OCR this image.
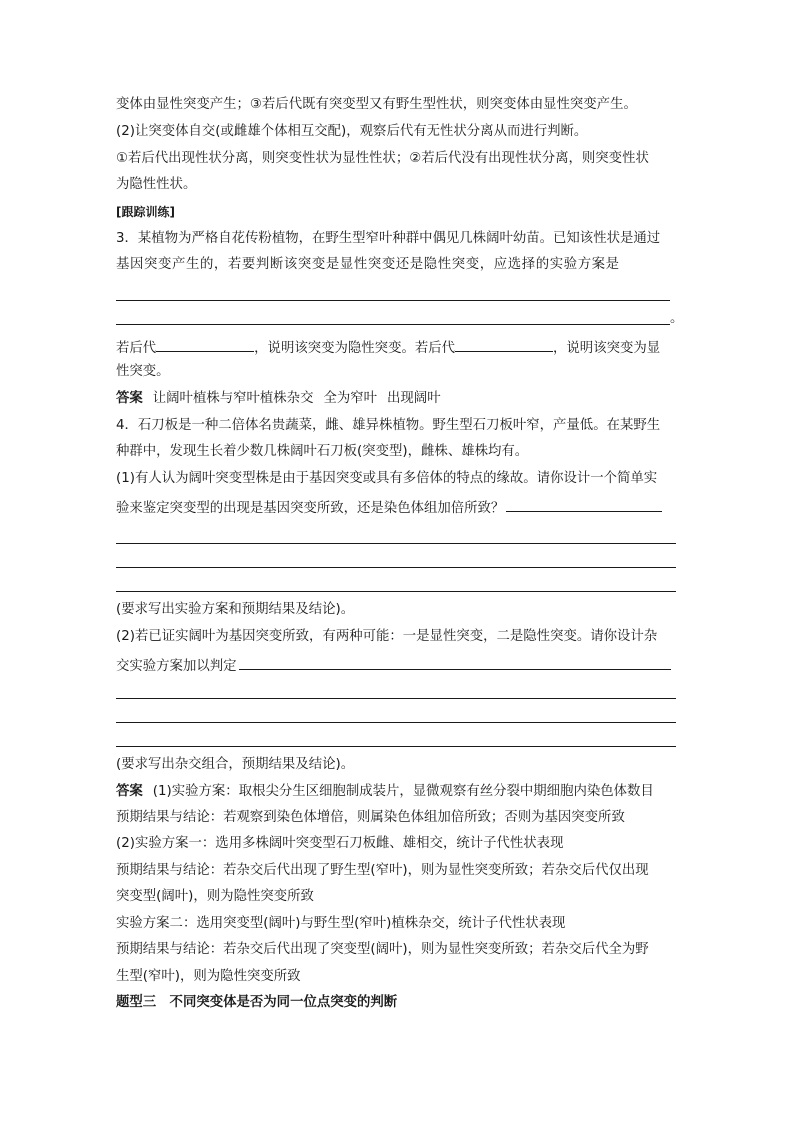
变体由显性突变产生；③若后代既有突变型又有野生型性状，则突变体由显性突变产生。
(2)让突变体自交(或雌雄个体相互交配)，观察后代有无性状分离从而进行判断。
①若后代出现性状分离，则突变性状为显性性状；②若后代没有出现性状分离，则突变性状
为隐性性状。
[跟踪训练]
3．某植物为严格自花传粉植物，在野生型窄叶种群中偶见几株阔叶幼苗。已知该性状是通过
基因突变产生的，若要判断该突变是显性突变还是隐性突变，应选择的实验方案是
。
若后代	，说明该突变为隐性突变。若后代	，说明该突变为显
性突变。
答案 让阔叶植株与窄叶植株杂交 全为窄叶 出现阔叶
4．石刀板是一种二倍体名贵蔬菜，雌、雄异株植物。野生型石刀板叶窄，产量低。在某野生
种群中，发现生长着少数几株阔叶石刀板(突变型)，雌株、雄株均有。
(1)有人认为阔叶突变型株是由于基因突变或具有多倍体的特点的缘故。请你设计一个简单实
验来鉴定突变型的出现是基因突变所致，还是染色体组加倍所致？
(要求写出实验方案和预期结果及结论)。
(2)若已证实阔叶为基因突变所致，有两种可能：一是显性突变，二是隐性突变。请你设计杂
交实验方案加以判定
(要求写出杂交组合，预期结果及结论)。
答案 (1)实验方案：取根尖分生区细胞制成装片，显微观察有丝分裂中期细胞内染色体数目
预期结果与结论：若观察到染色体增倍，则属染色体组加倍所致；否则为基因突变所致
(2)实验方案一：选用多株阔叶突变型石刀板雌、雄相交，统计子代性状表现
预期结果与结论：若杂交后代出现了野生型(窄叶)，则为显性突变所致；若杂交后代仅出现
突变型(阔叶)，则为隐性突变所致
实验方案二：选用突变型(阔叶)与野生型(窄叶)植株杂交，统计子代性状表现
预期结果与结论：若杂交后代出现了突变型(阔叶)，则为显性突变所致；若杂交后代全为野
生型(窄叶)，则为隐性突变所致
题型三　不同突变体是否为同一位点突变的判断
